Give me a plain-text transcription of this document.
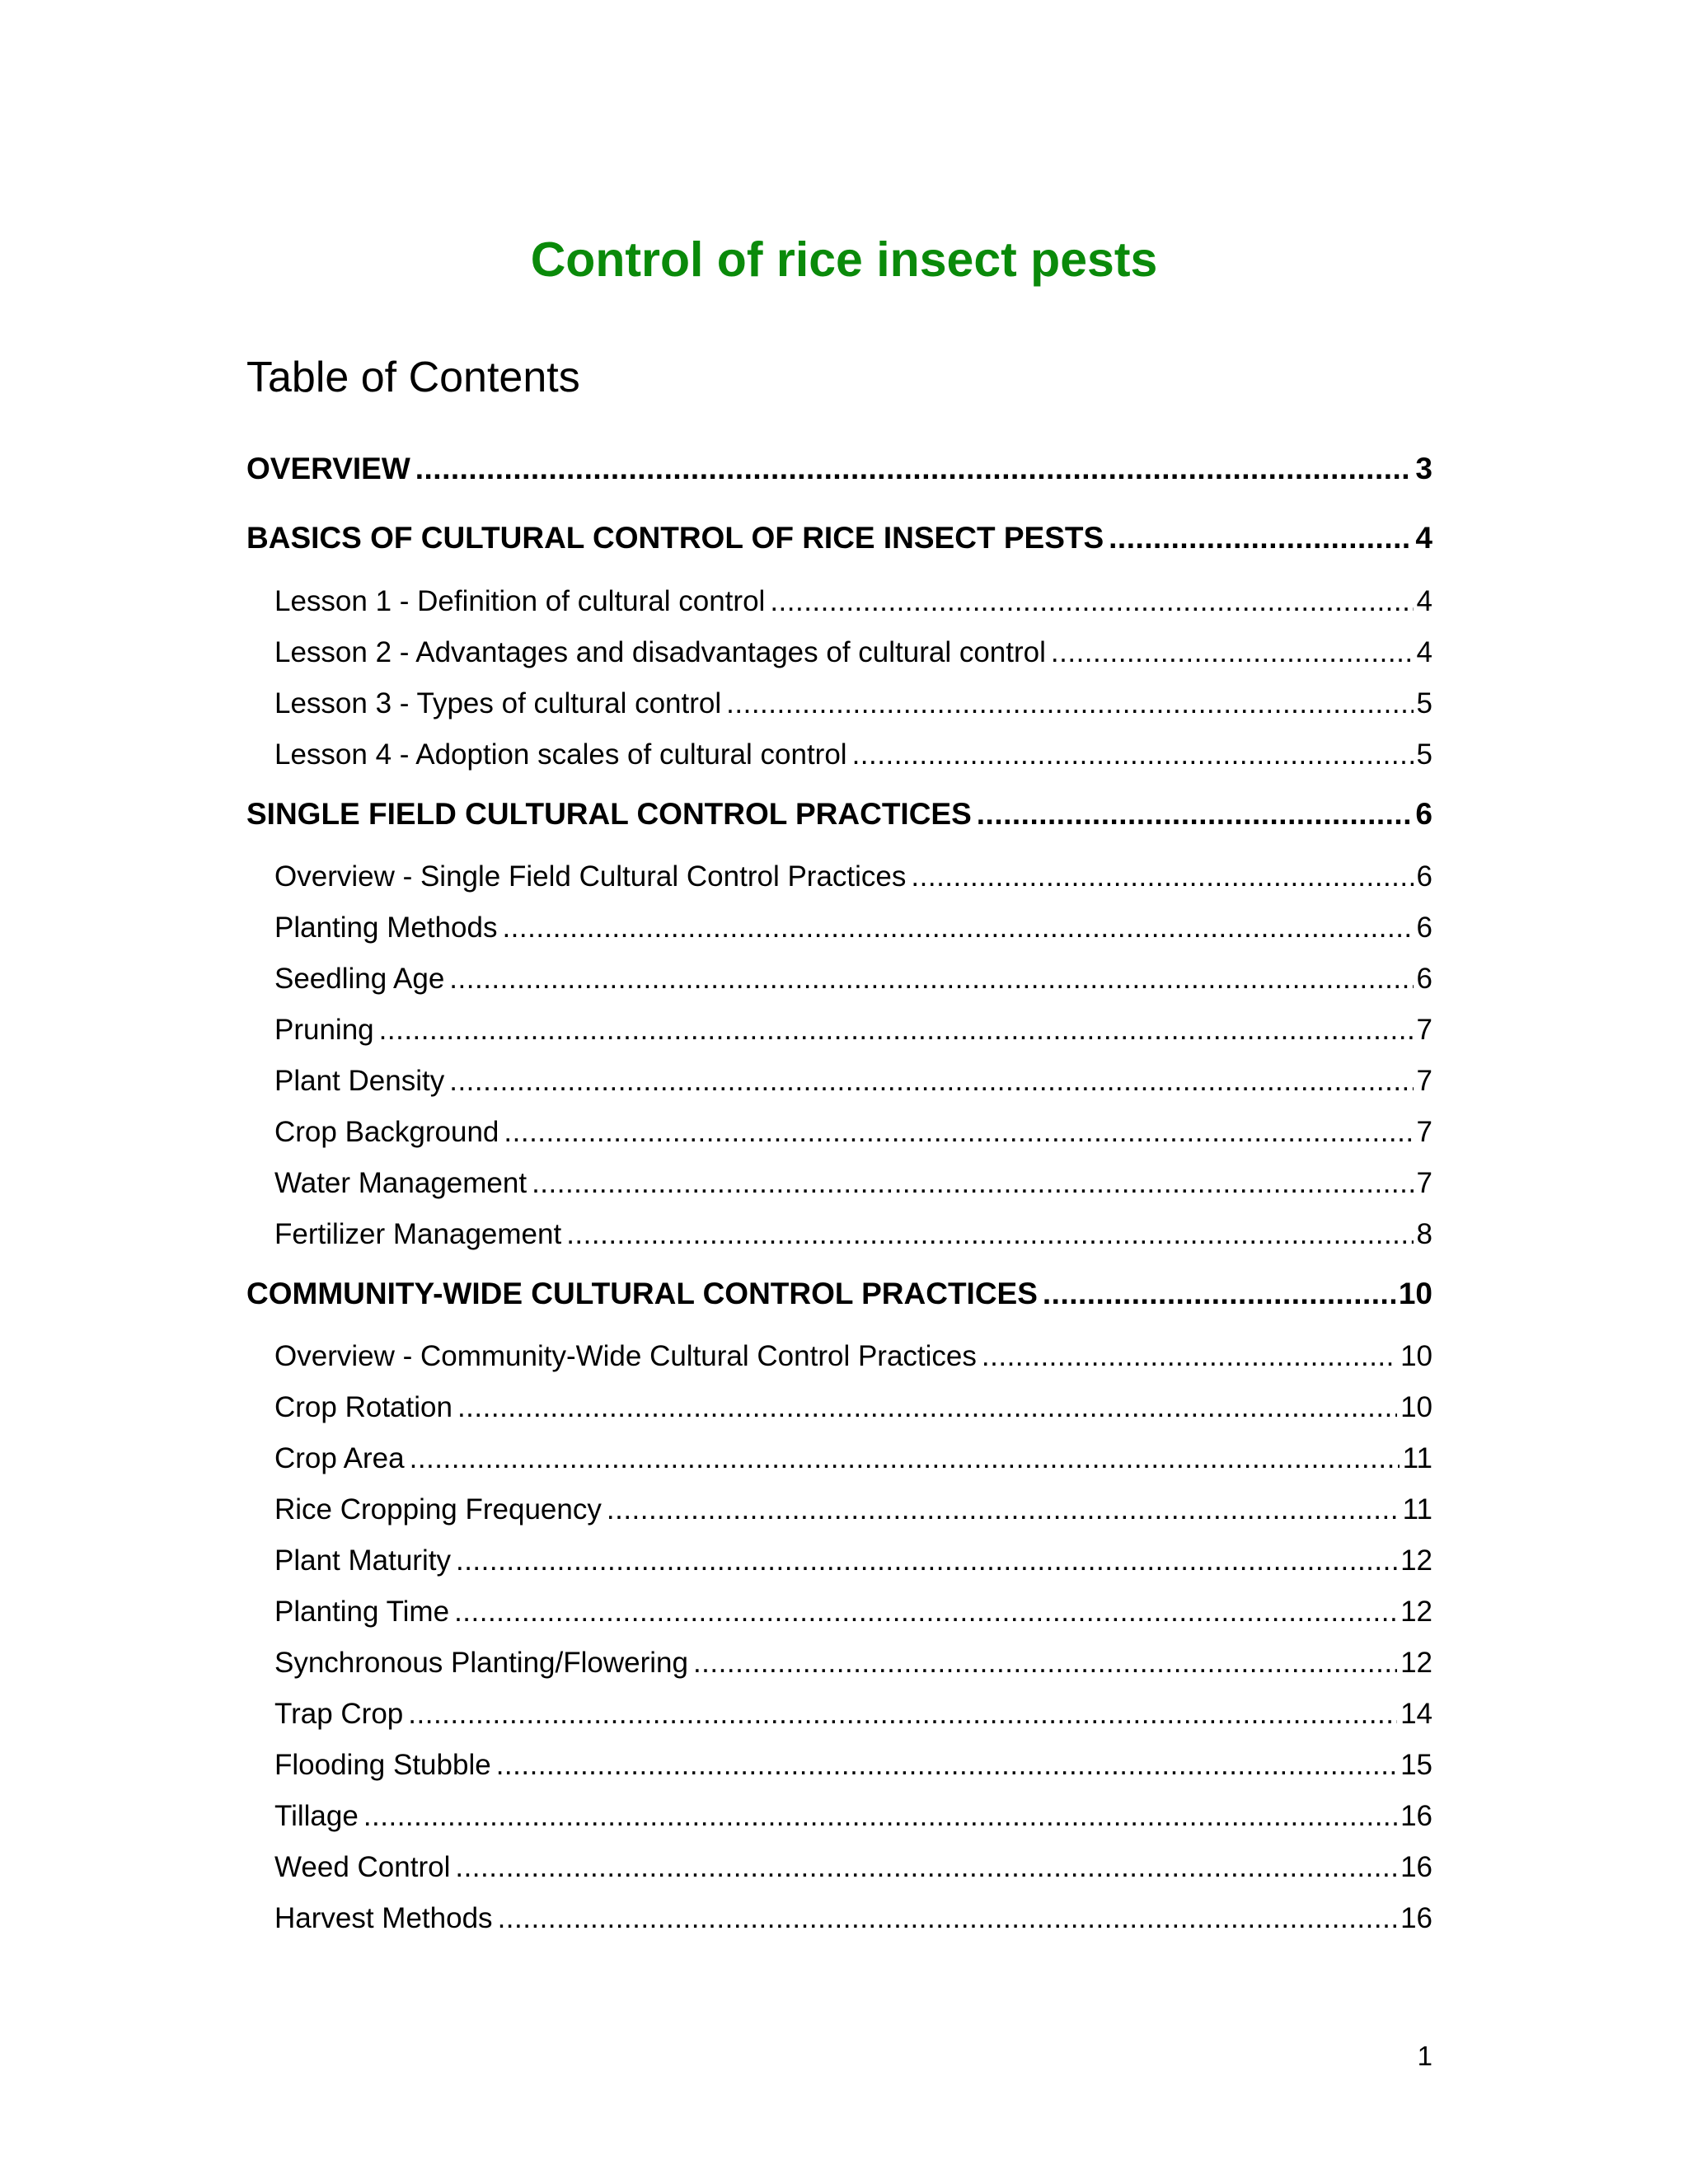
Control of rice insect pests
Table of Contents
OVERVIEW .....	3
BASICS OF CULTURAL CONTROL OF RICE INSECT PESTS .....	4
Lesson 1 - Definition of cultural control .....	4
Lesson 2 - Advantages and disadvantages of cultural control .....	4
Lesson 3 - Types of cultural control .....	5
Lesson 4 - Adoption scales of cultural control .....	5
SINGLE FIELD CULTURAL CONTROL PRACTICES .....	6
Overview - Single Field Cultural Control Practices .....	6
Planting Methods .....	6
Seedling Age .....	6
Pruning .....	7
Plant Density .....	7
Crop Background .....	7
Water Management .....	7
Fertilizer Management .....	8
COMMUNITY-WIDE CULTURAL CONTROL PRACTICES .....	10
Overview - Community-Wide Cultural Control Practices .....	10
Crop Rotation .....	10
Crop Area .....	11
Rice Cropping Frequency .....	11
Plant Maturity .....	12
Planting Time .....	12
Synchronous Planting/Flowering .....	12
Trap Crop .....	14
Flooding Stubble .....	15
Tillage .....	16
Weed Control .....	16
Harvest Methods .....	16
1
